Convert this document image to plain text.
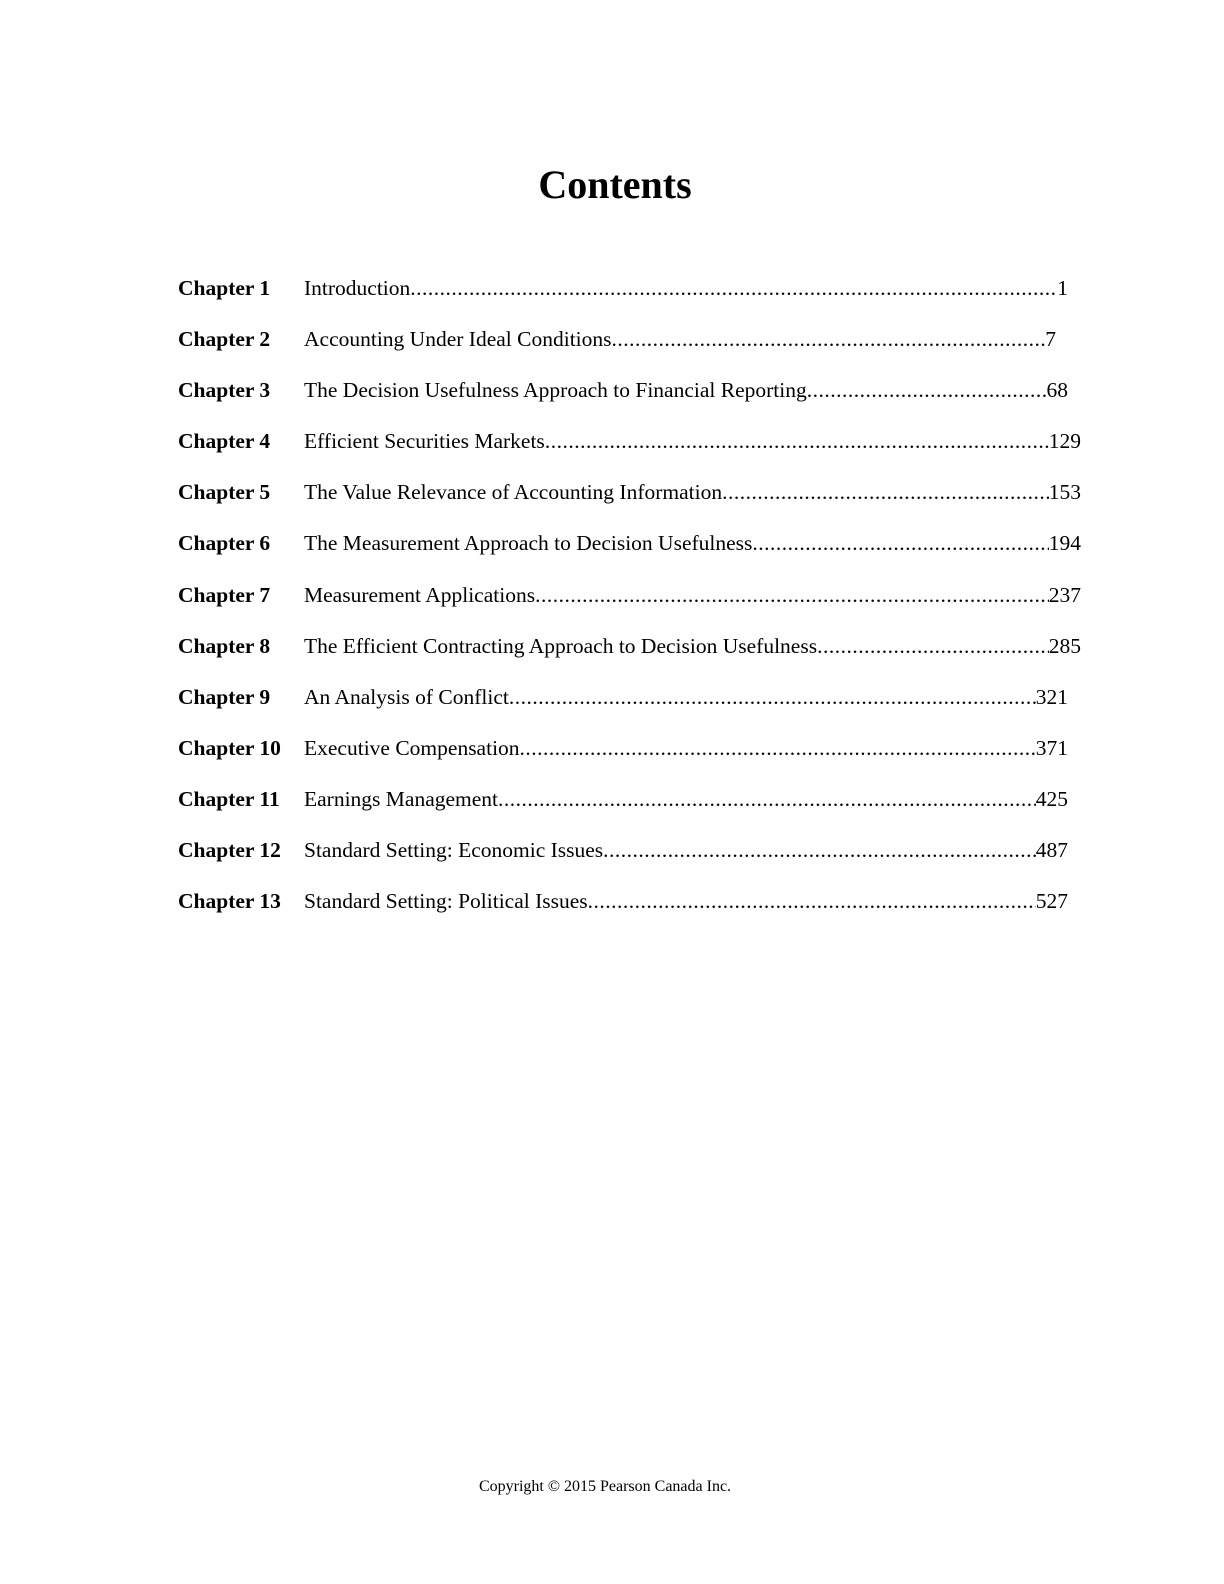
Contents
Chapter 1 Introduction .....	1
Chapter 2 Accounting Under Ideal Conditions .....	7
Chapter 3 The Decision Usefulness Approach to Financial Reporting .....	68
Chapter 4 Efficient Securities Markets .....	129
Chapter 5 The Value Relevance of Accounting Information .....	153
Chapter 6 The Measurement Approach to Decision Usefulness .....	194
Chapter 7 Measurement Applications .....	237
Chapter 8 The Efficient Contracting Approach to Decision Usefulness .....	285
Chapter 9 An Analysis of Conflict .....	321
Chapter 10 Executive Compensation .....	371
Chapter 11 Earnings Management .....	425
Chapter 12 Standard Setting: Economic Issues .....	487
Chapter 13 Standard Setting: Political Issues .....	527
Copyright © 2015 Pearson Canada Inc.
